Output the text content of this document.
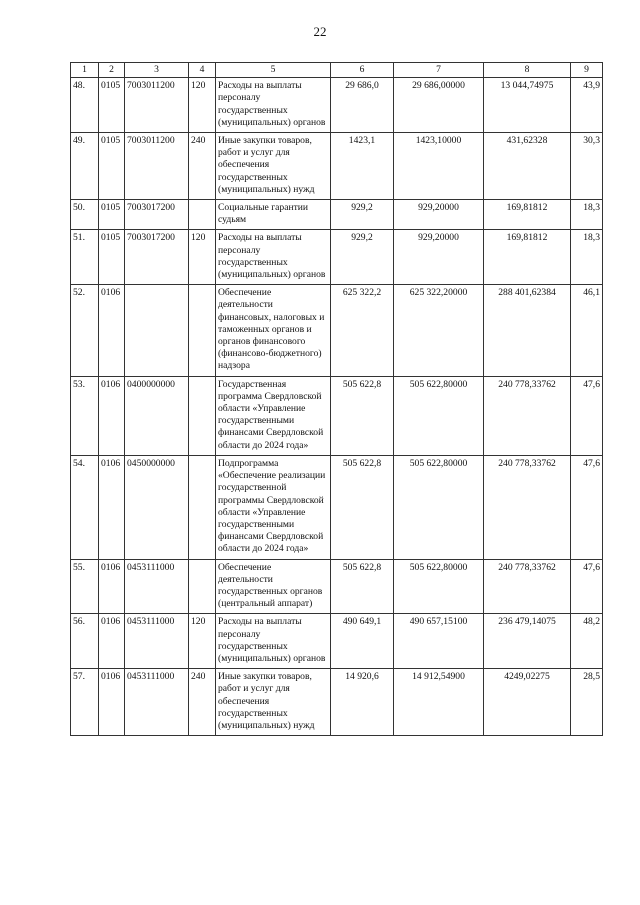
22
1	2	3	4	5	6	7	8	9
48.	0105	7003011200	120	Расходы на выплаты персоналу государственных (муниципальных) органов	29 686,0	29 686,00000	13 044,74975	43,9
49.	0105	7003011200	240	Иные закупки товаров, работ и услуг для обеспечения государственных (муниципальных) нужд	1423,1	1423,10000	431,62328	30,3
50.	0105	7003017200		Социальные гарантии судьям	929,2	929,20000	169,81812	18,3
51.	0105	7003017200	120	Расходы на выплаты персоналу государственных (муниципальных) органов	929,2	929,20000	169,81812	18,3
52.	0106			Обеспечение деятельности финансовых, налоговых и таможенных органов и органов финансового (финансово-бюджетного) надзора	625 322,2	625 322,20000	288 401,62384	46,1
53.	0106	0400000000		Государственная программа Свердловской области «Управление государственными финансами Свердловской области до 2024 года»	505 622,8	505 622,80000	240 778,33762	47,6
54.	0106	0450000000		Подпрограмма «Обеспечение реализации государственной программы Свердловской области «Управление государственными финансами Свердловской области до 2024 года»	505 622,8	505 622,80000	240 778,33762	47,6
55.	0106	0453111000		Обеспечение деятельности государственных органов (центральный аппарат)	505 622,8	505 622,80000	240 778,33762	47,6
56.	0106	0453111000	120	Расходы на выплаты персоналу государственных (муниципальных) органов	490 649,1	490 657,15100	236 479,14075	48,2
57.	0106	0453111000	240	Иные закупки товаров, работ и услуг для обеспечения государственных (муниципальных) нужд	14 920,6	14 912,54900	4249,02275	28,5
